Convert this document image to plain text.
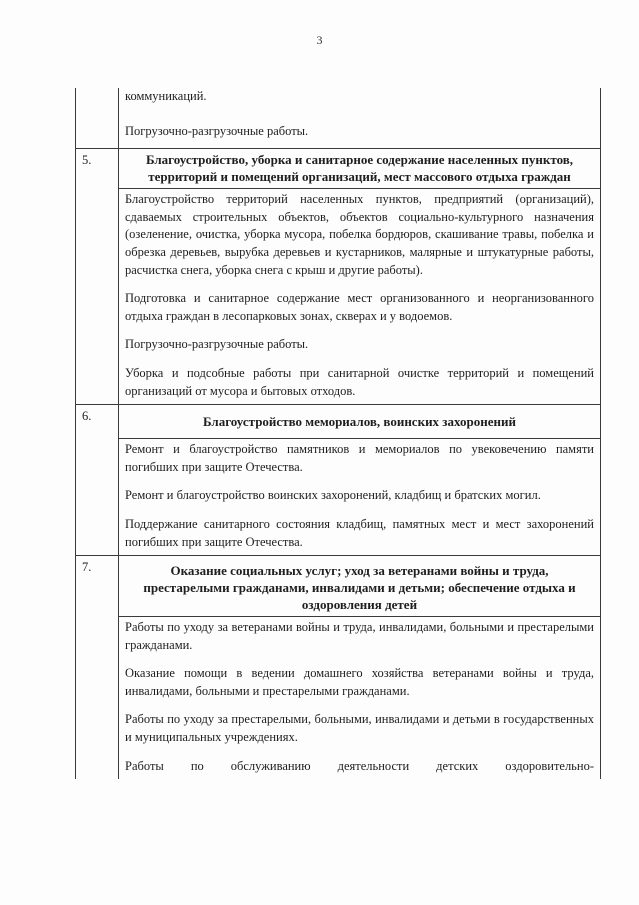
3

	коммуникаций.

Погрузочно-разгрузочные работы.

5.	Благоустройство, уборка и санитарное содержание населенных пунктов, территорий и помещений организаций, мест массового отдыха граждан

	Благоустройство территорий населенных пунктов, предприятий (организаций), сдаваемых строительных объектов, объектов социально-культурного назначения (озеленение, очистка, уборка мусора, побелка бордюров, скашивание травы, побелка и обрезка деревьев, вырубка деревьев и кустарников, малярные и штукатурные работы, расчистка снега, уборка снега с крыш и другие работы).

Подготовка и санитарное содержание мест организованного и неорганизованного отдыха граждан в лесопарковых зонах, скверах и у водоемов.

Погрузочно-разгрузочные работы.

Уборка и подсобные работы при санитарной очистке территорий и помещений организаций от мусора и бытовых отходов.

6.	Благоустройство мемориалов, воинских захоронений

	Ремонт и благоустройство памятников и мемориалов по увековечению памяти погибших при защите Отечества.

Ремонт и благоустройство воинских захоронений, кладбищ и братских могил.

Поддержание санитарного состояния кладбищ, памятных мест и мест захоронений погибших при защите Отечества.

7.	Оказание социальных услуг; уход за ветеранами войны и труда, престарелыми гражданами, инвалидами и детьми; обеспечение отдыха и оздоровления детей

	Работы по уходу за ветеранами войны и труда, инвалидами, больными и престарелыми гражданами.

Оказание помощи в ведении домашнего хозяйства ветеранами войны и труда, инвалидами, больными и престарелыми гражданами.

Работы по уходу за престарелыми, больными, инвалидами и детьми в государственных и муниципальных учреждениях.

Работы по обслуживанию деятельности детских оздоровительно-
